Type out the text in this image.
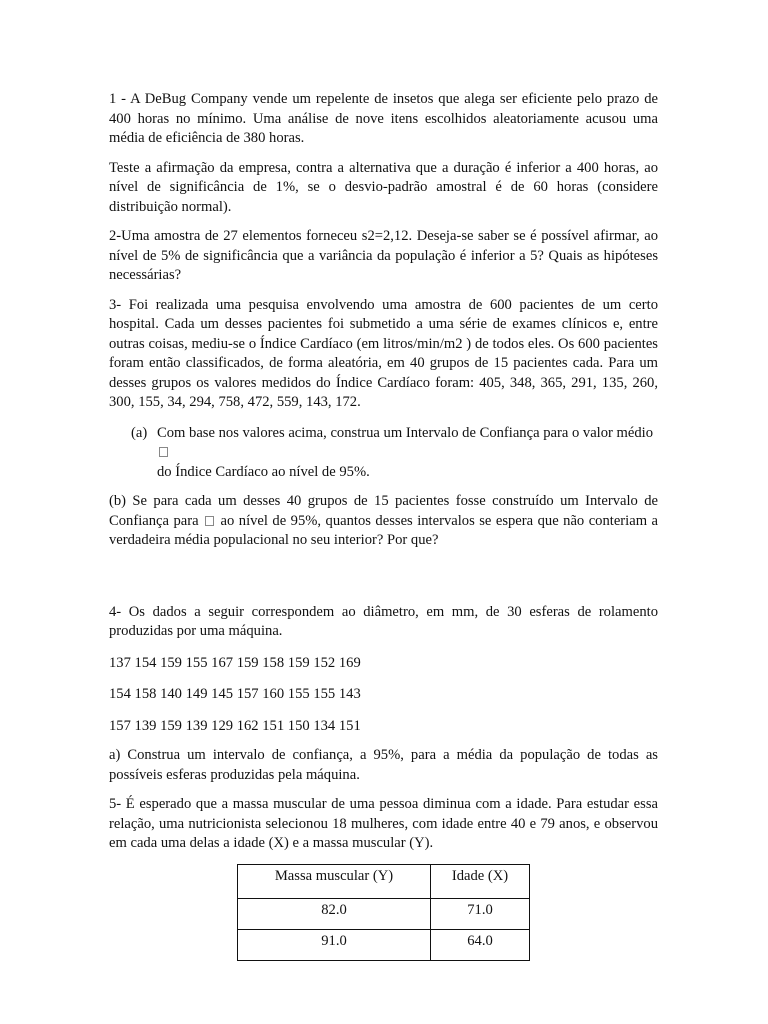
1 - A DeBug Company vende um repelente de insetos que alega ser eficiente pelo prazo de 400 horas no mínimo. Uma análise de nove itens escolhidos aleatoriamente acusou uma média de eficiência de 380 horas.

Teste a afirmação da empresa, contra a alternativa que a duração é inferior a 400 horas, ao nível de significância de 1%, se o desvio-padrão amostral é de 60 horas (considere distribuição normal).

2-Uma amostra de 27 elementos forneceu s2=2,12. Deseja-se saber se é possível afirmar, ao nível de 5% de significância que a variância da população é inferior a 5? Quais as hipóteses necessárias?

3- Foi realizada uma pesquisa envolvendo uma amostra de 600 pacientes de um certo hospital. Cada um desses pacientes foi submetido a uma série de exames clínicos e, entre outras coisas, mediu-se o Índice Cardíaco (em litros/min/m2 ) de todos eles. Os 600 pacientes foram então classificados, de forma aleatória, em 40 grupos de 15 pacientes cada. Para um desses grupos os valores medidos do Índice Cardíaco foram: 405, 348, 365, 291, 135, 260, 300, 155, 34, 294, 758, 472, 559, 143, 172.

(a) Com base nos valores acima, construa um Intervalo de Confiança para o valor médio
do Índice Cardíaco ao nível de 95%.

(b) Se para cada um desses 40 grupos de 15 pacientes fosse construído um Intervalo de Confiança para ao nível de 95%, quantos desses intervalos se espera que não conteriam a verdadeira média populacional no seu interior? Por que?

4- Os dados a seguir correspondem ao diâmetro, em mm, de 30 esferas de rolamento produzidas por uma máquina.

137 154 159 155 167 159 158 159 152 169

154 158 140 149 145 157 160 155 155 143

157 139 159 139 129 162 151 150 134 151

a) Construa um intervalo de confiança, a 95%, para a média da população de todas as possíveis esferas produzidas pela máquina.

5- É esperado que a massa muscular de uma pessoa diminua com a idade. Para estudar essa relação, uma nutricionista selecionou 18 mulheres, com idade entre 40 e 79 anos, e observou em cada uma delas a idade (X) e a massa muscular (Y).

Massa muscular (Y)	Idade (X)
82.0	71.0
91.0	64.0
